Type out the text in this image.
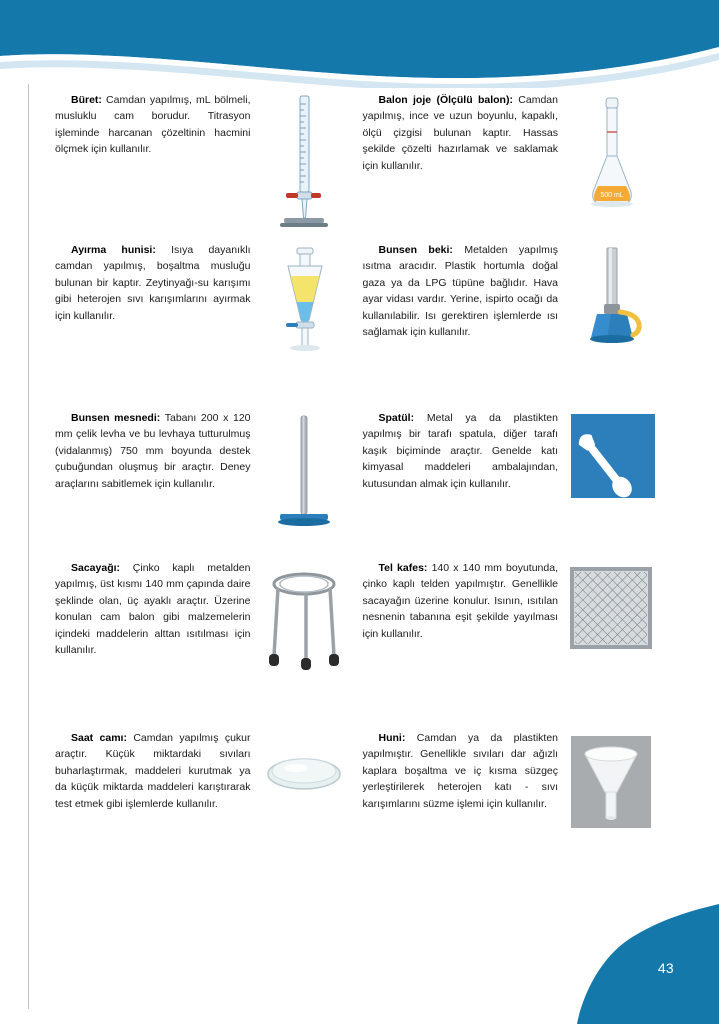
Büret: Camdan yapılmış, mL bölmeli, musluklu cam borudur. Titrasyon işleminde harcanan çözeltinin hacmini ölçmek için kullanılır.
Balon joje (Ölçülü balon): Camdan yapılmış, ince ve uzun boyunlu, kapaklı, ölçü çizgisi bulunan kaptır. Hassas şekilde çözelti hazırlamak ve saklamak için kullanılır.
500 mL
Ayırma hunisi: Isıya dayanıklı camdan yapılmış, boşaltma musluğu bulunan bir kaptır. Zeytinyağı-su karışımı gibi heterojen sıvı karışımlarını ayırmak için kullanılır.
Bunsen beki: Metalden yapılmış ısıtma aracıdır. Plastik hortumla doğal gaza ya da LPG tüpüne bağlıdır. Hava ayar vidası vardır. Yerine, ispirto ocağı da kullanılabilir. Isı gerektiren işlemlerde ısı sağlamak için kullanılır.
Bunsen mesnedi: Tabanı 200 x 120 mm çelik levha ve bu levhaya tutturulmuş (vidalanmış) 750 mm boyunda destek çubuğundan oluşmuş bir araçtır. Deney araçlarını sabitlemek için kullanılır.
Spatül: Metal ya da plastikten yapılmış bir tarafı spatula, diğer tarafı kaşık biçiminde araçtır. Genelde katı kimyasal maddeleri ambalajından, kutusundan almak için kullanılır.
Sacayağı: Çinko kaplı metalden yapılmış, üst kısmı 140 mm çapında daire şeklinde olan, üç ayaklı araçtır. Üzerine konulan cam balon gibi malzemelerin içindeki maddelerin alttan ısıtılması için kullanılır.
Tel kafes: 140 x 140 mm boyutunda, çinko kaplı telden yapılmıştır. Genellikle sacayağın üzerine konulur. Isının, ısıtılan nesnenin tabanına eşit şekilde yayılması için kullanılır.
Saat camı: Camdan yapılmış çukur araçtır. Küçük miktardaki sıvıları buharlaştırmak, maddeleri kurutmak ya da küçük miktarda maddeleri karıştırarak test etmek gibi işlemlerde kullanılır.
Huni: Camdan ya da plastikten yapılmıştır. Genellikle sıvıları dar ağızlı kaplara boşaltma ve iç kısma süzgeç yerleştirilerek heterojen katı - sıvı karışımlarını süzme işlemi için kullanılır.
43
